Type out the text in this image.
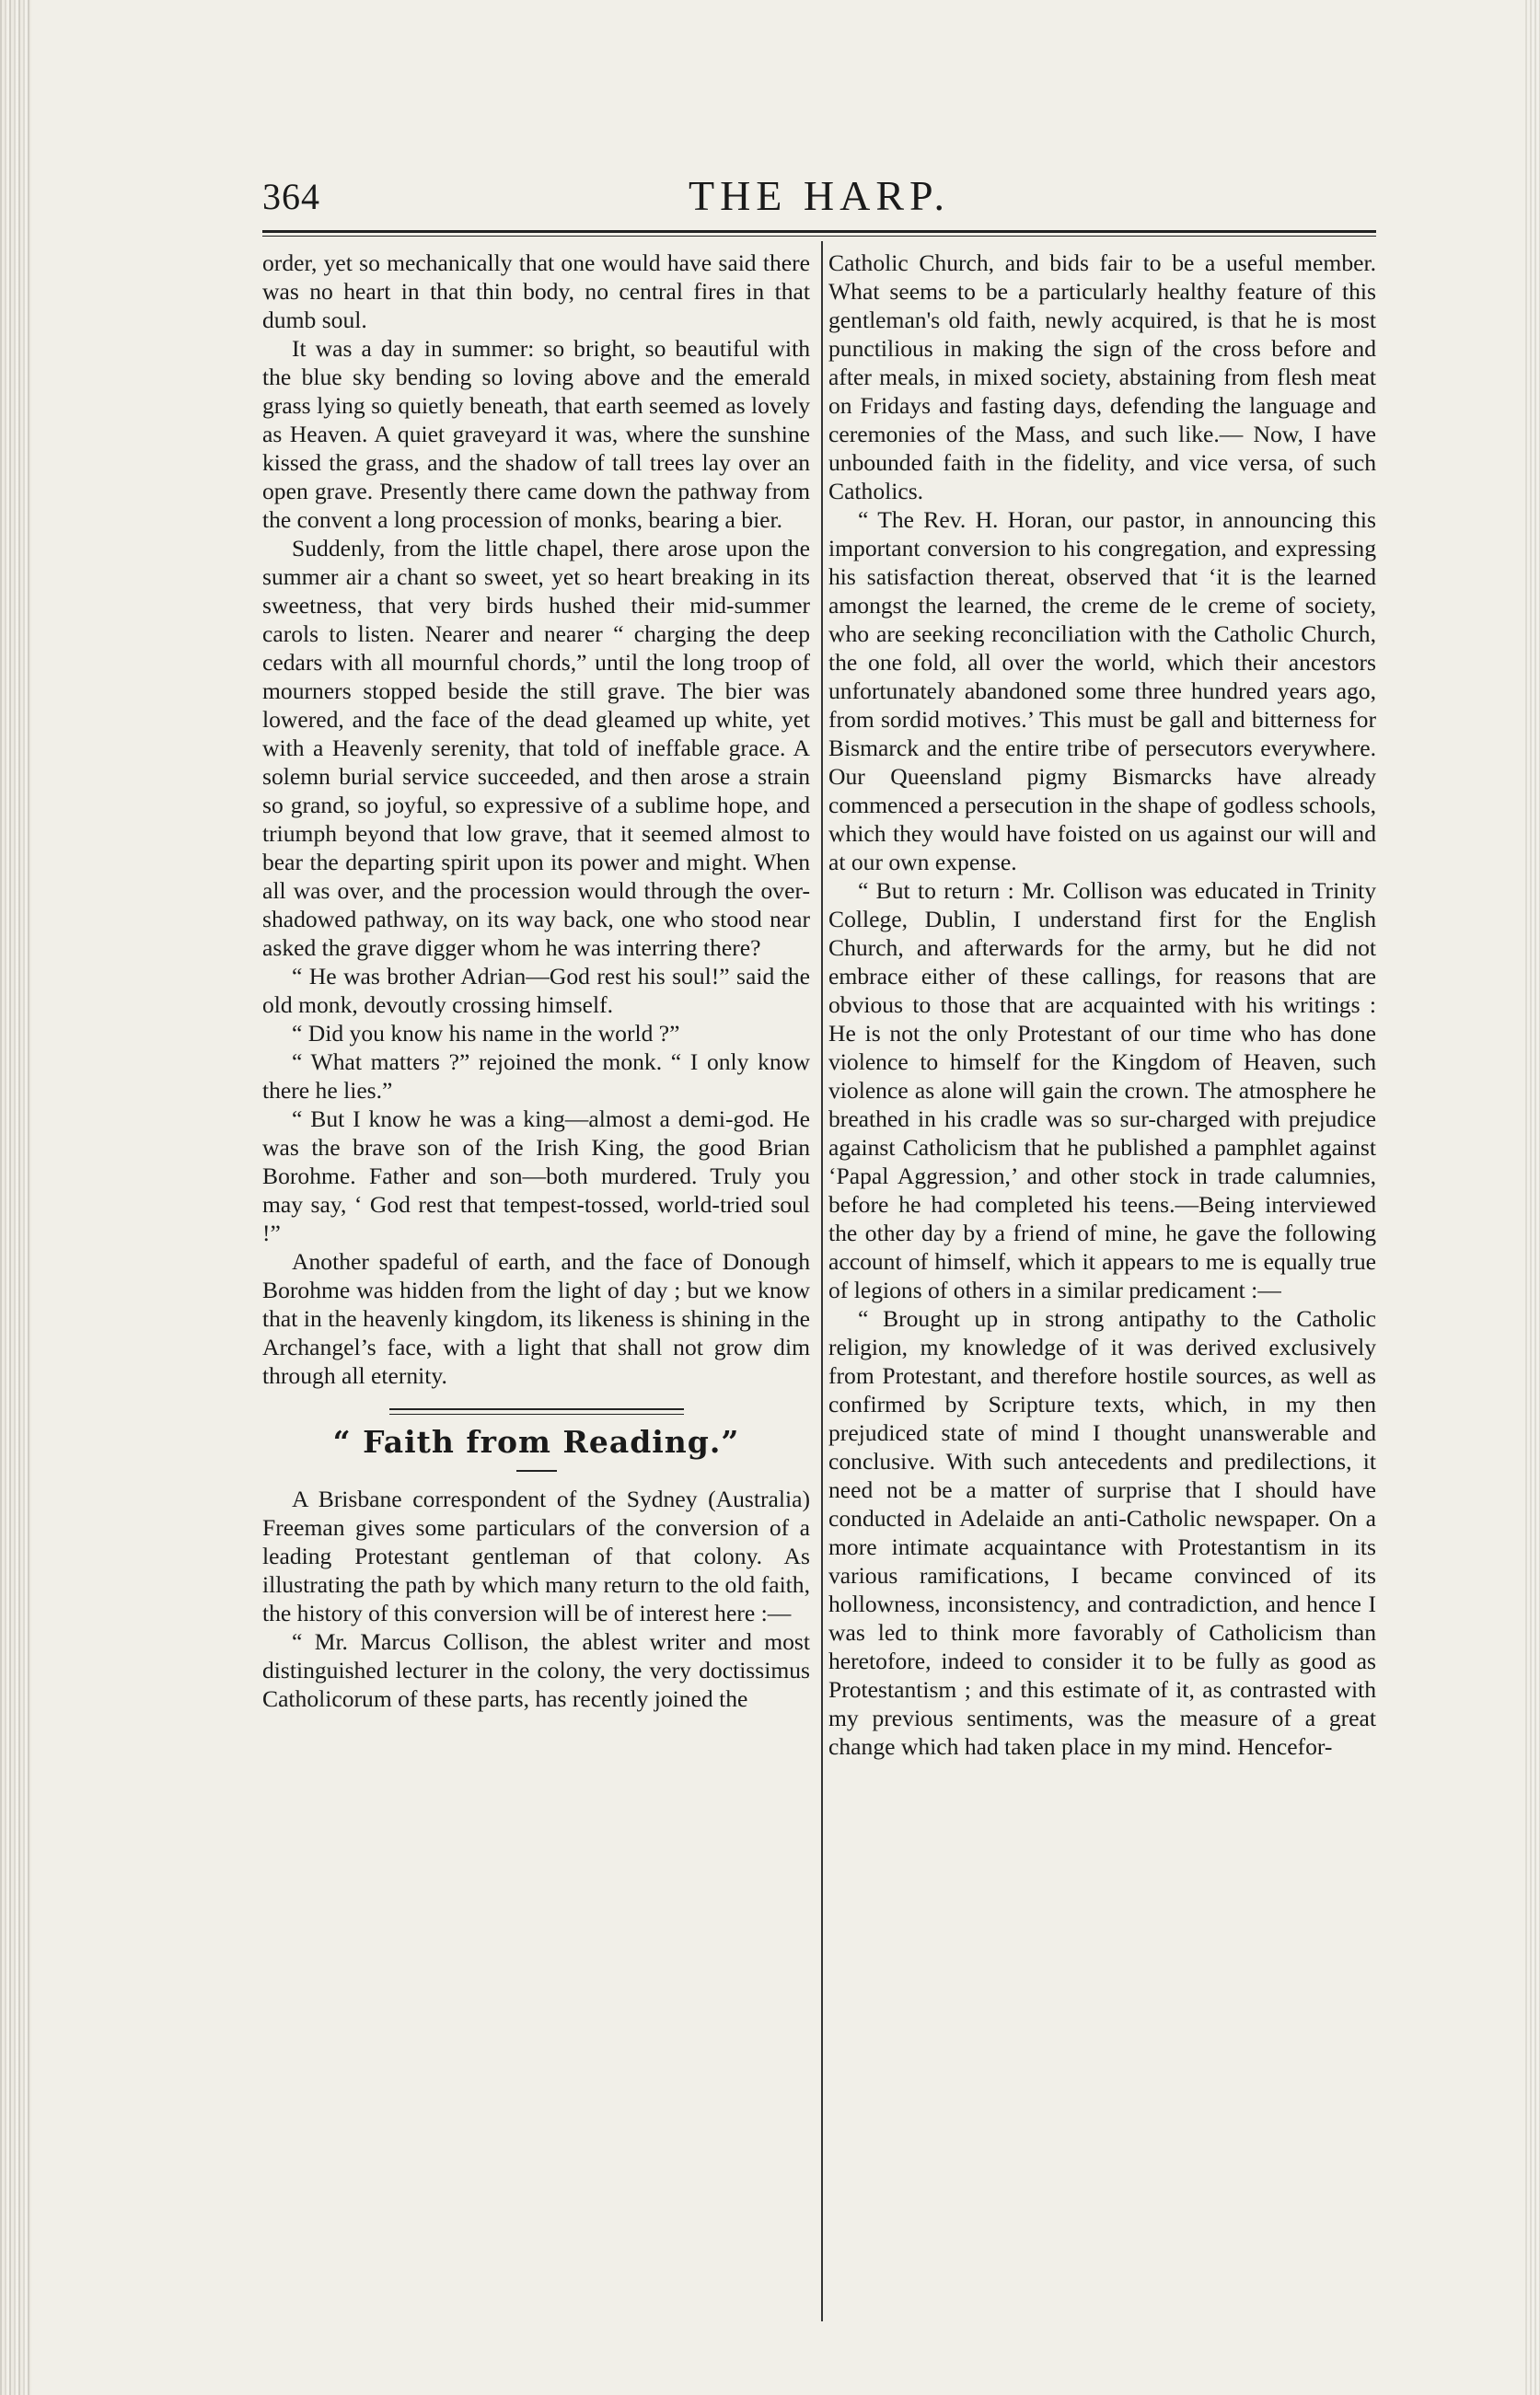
364	THE HARP.

order, yet so mechanically that one would have said there was no heart in that thin body, no central fires in that dumb soul.

It was a day in summer: so bright, so beautiful with the blue sky bending so loving above and the emerald grass lying so quietly beneath, that earth seemed as lovely as Heaven. A quiet graveyard it was, where the sunshine kissed the grass, and the shadow of tall trees lay over an open grave. Presently there came down the pathway from the convent a long procession of monks, bearing a bier.

Suddenly, from the little chapel, there arose upon the summer air a chant so sweet, yet so heart breaking in its sweetness, that very birds hushed their mid-summer carols to listen. Nearer and nearer “ charging the deep cedars with all mournful chords,” until the long troop of mourners stopped beside the still grave. The bier was lowered, and the face of the dead gleamed up white, yet with a Heavenly serenity, that told of ineffable grace. A solemn burial service succeeded, and then arose a strain so grand, so joyful, so expressive of a sublime hope, and triumph beyond that low grave, that it seemed almost to bear the departing spirit upon its power and might. When all was over, and the procession would through the over-shadowed pathway, on its way back, one who stood near asked the grave digger whom he was interring there?

“ He was brother Adrian—God rest his soul!” said the old monk, devoutly crossing himself.

“ Did you know his name in the world ?”

“ What matters ?” rejoined the monk. “ I only know there he lies.”

“ But I know he was a king—almost a demi-god. He was the brave son of the Irish King, the good Brian Borohme. Father and son—both murdered. Truly you may say, ‘ God rest that tempest-tossed, world-tried soul !”

Another spadeful of earth, and the face of Donough Borohme was hidden from the light of day ; but we know that in the heavenly kingdom, its likeness is shining in the Archangel’s face, with a light that shall not grow dim through all eternity.

“ Faith from Reading.”

A Brisbane correspondent of the Sydney (Australia) Freeman gives some particulars of the conversion of a leading Protestant gentleman of that colony. As illustrating the path by which many return to the old faith, the history of this conversion will be of interest here :—

“ Mr. Marcus Collison, the ablest writer and most distinguished lecturer in the colony, the very doctissimus Catholicorum of these parts, has recently joined the

Catholic Church, and bids fair to be a useful member. What seems to be a particularly healthy feature of this gentleman's old faith, newly acquired, is that he is most punctilious in making the sign of the cross before and after meals, in mixed society, abstaining from flesh meat on Fridays and fasting days, defending the language and ceremonies of the Mass, and such like.— Now, I have unbounded faith in the fidelity, and vice versa, of such Catholics.

“ The Rev. H. Horan, our pastor, in announcing this important conversion to his congregation, and expressing his satisfaction thereat, observed that ‘it is the learned amongst the learned, the creme de le creme of society, who are seeking reconciliation with the Catholic Church, the one fold, all over the world, which their ancestors unfortunately abandoned some three hundred years ago, from sordid motives.’ This must be gall and bitterness for Bismarck and the entire tribe of persecutors everywhere. Our Queensland pigmy Bismarcks have already commenced a persecution in the shape of godless schools, which they would have foisted on us against our will and at our own expense.

“ But to return : Mr. Collison was educated in Trinity College, Dublin, I understand first for the English Church, and afterwards for the army, but he did not embrace either of these callings, for reasons that are obvious to those that are acquainted with his writings : He is not the only Protestant of our time who has done violence to himself for the Kingdom of Heaven, such violence as alone will gain the crown. The atmosphere he breathed in his cradle was so sur-charged with prejudice against Catholicism that he published a pamphlet against ‘Papal Aggression,’ and other stock in trade calumnies, before he had completed his teens.—Being interviewed the other day by a friend of mine, he gave the following account of himself, which it appears to me is equally true of legions of others in a similar predicament :—

“ Brought up in strong antipathy to the Catholic religion, my knowledge of it was derived exclusively from Protestant, and therefore hostile sources, as well as confirmed by Scripture texts, which, in my then prejudiced state of mind I thought unanswerable and conclusive. With such antecedents and predilections, it need not be a matter of surprise that I should have conducted in Adelaide an anti-Catholic newspaper. On a more intimate acquaintance with Protestantism in its various ramifications, I became convinced of its hollowness, inconsistency, and contradiction, and hence I was led to think more favorably of Catholicism than heretofore, indeed to consider it to be fully as good as Protestantism ; and this estimate of it, as contrasted with my previous sentiments, was the measure of a great change which had taken place in my mind. Hencefor-
